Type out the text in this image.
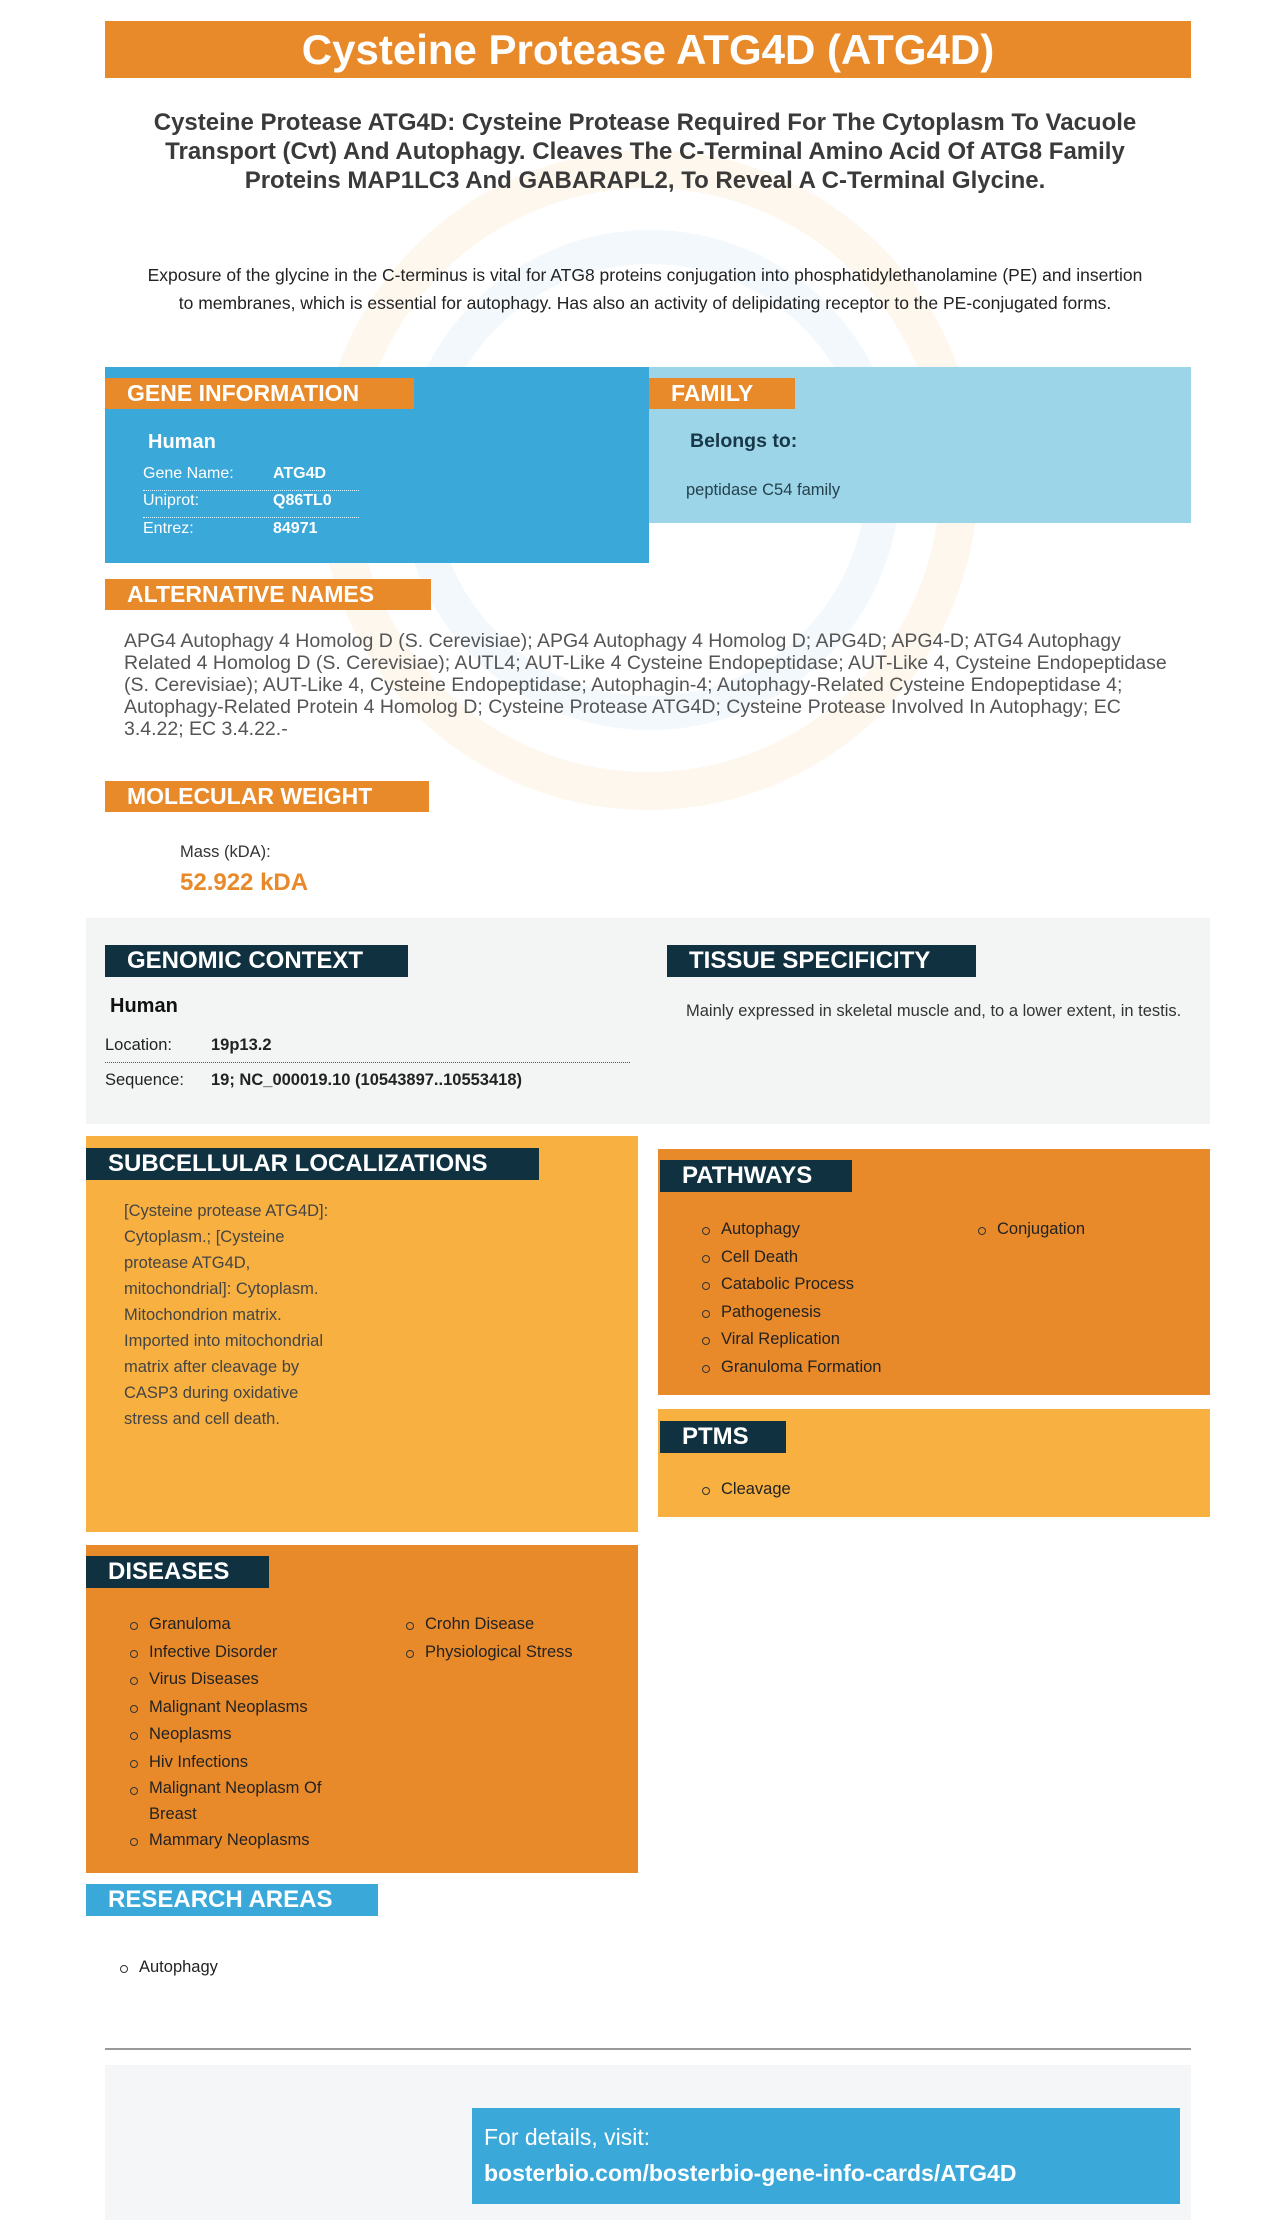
Cysteine Protease ATG4D (ATG4D)
Cysteine Protease ATG4D: Cysteine Protease Required For The Cytoplasm To Vacuole Transport (Cvt) And Autophagy. Cleaves The C-Terminal Amino Acid Of ATG8 Family Proteins MAP1LC3 And GABARAPL2, To Reveal A C-Terminal Glycine.
Exposure of the glycine in the C-terminus is vital for ATG8 proteins conjugation into phosphatidylethanolamine (PE) and insertion to membranes, which is essential for autophagy. Has also an activity of delipidating receptor to the PE-conjugated forms.
GENE INFORMATION
Human
Gene Name: ATG4D
Uniprot:	Q86TL0
Entrez:	84971
FAMILY
Belongs to:
peptidase C54 family
ALTERNATIVE NAMES
APG4 Autophagy 4 Homolog D (S. Cerevisiae); APG4 Autophagy 4 Homolog D; APG4D; APG4-D; ATG4 Autophagy Related 4 Homolog D (S. Cerevisiae); AUTL4; AUT-Like 4 Cysteine Endopeptidase; AUT-Like 4, Cysteine Endopeptidase (S. Cerevisiae); AUT-Like 4, Cysteine Endopeptidase; Autophagin-4; Autophagy-Related Cysteine Endopeptidase 4; Autophagy-Related Protein 4 Homolog D; Cysteine Protease ATG4D; Cysteine Protease Involved In Autophagy; EC 3.4.22; EC 3.4.22.-
MOLECULAR WEIGHT
Mass (kDA):
52.922 kDA
GENOMIC CONTEXT
Human
Location: 19p13.2
Sequence: 19; NC_000019.10 (10543897..10553418)
TISSUE SPECIFICITY
Mainly expressed in skeletal muscle and, to a lower extent, in testis.
SUBCELLULAR LOCALIZATIONS
[Cysteine protease ATG4D]: Cytoplasm.; [Cysteine protease ATG4D, mitochondrial]: Cytoplasm. Mitochondrion matrix. Imported into mitochondrial matrix after cleavage by CASP3 during oxidative stress and cell death.
PATHWAYS
Autophagy
Cell Death
Catabolic Process
Pathogenesis
Viral Replication
Granuloma Formation
Conjugation
PTMS
Cleavage
DISEASES
Granuloma
Infective Disorder
Virus Diseases
Malignant Neoplasms
Neoplasms
Hiv Infections
Malignant Neoplasm Of Breast
Mammary Neoplasms
Crohn Disease
Physiological Stress
RESEARCH AREAS
Autophagy
For details, visit:
bosterbio.com/bosterbio-gene-info-cards/ATG4D
